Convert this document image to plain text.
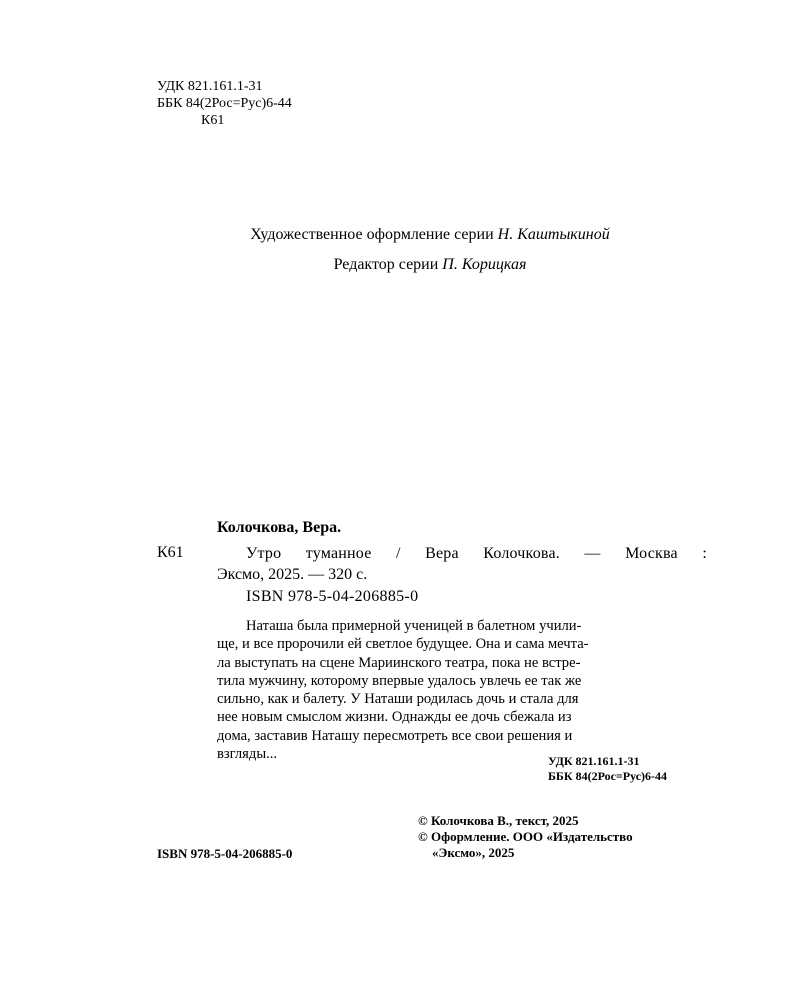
УДК 821.161.1-31
ББК 84(2Рос=Рус)6-44
К61
Художественное оформление серии Н. Каштыкиной
Редактор серии П. Корицкая
Колочкова, Вера.
К61	Утро туманное / Вера Колочкова. — Москва :
Эксмо, 2025. — 320 с.
ISBN 978-5-04-206885-0
Наташа была примерной ученицей в балетном учили-
ще, и все пророчили ей светлое будущее. Она и сама мечта-
ла выступать на сцене Мариинского театра, пока не встре-
тила мужчину, которому впервые удалось увлечь ее так же
сильно, как и балету. У Наташи родилась дочь и стала для
нее новым смыслом жизни. Однажды ее дочь сбежала из
дома, заставив Наташу пересмотреть все свои решения и
взгляды...	УДК 821.161.1-31
ББК 84(2Рос=Рус)6-44
© Колочкова В., текст, 2025
© Оформление. ООО «Издательство
«Эксмо», 2025
ISBN 978-5-04-206885-0
